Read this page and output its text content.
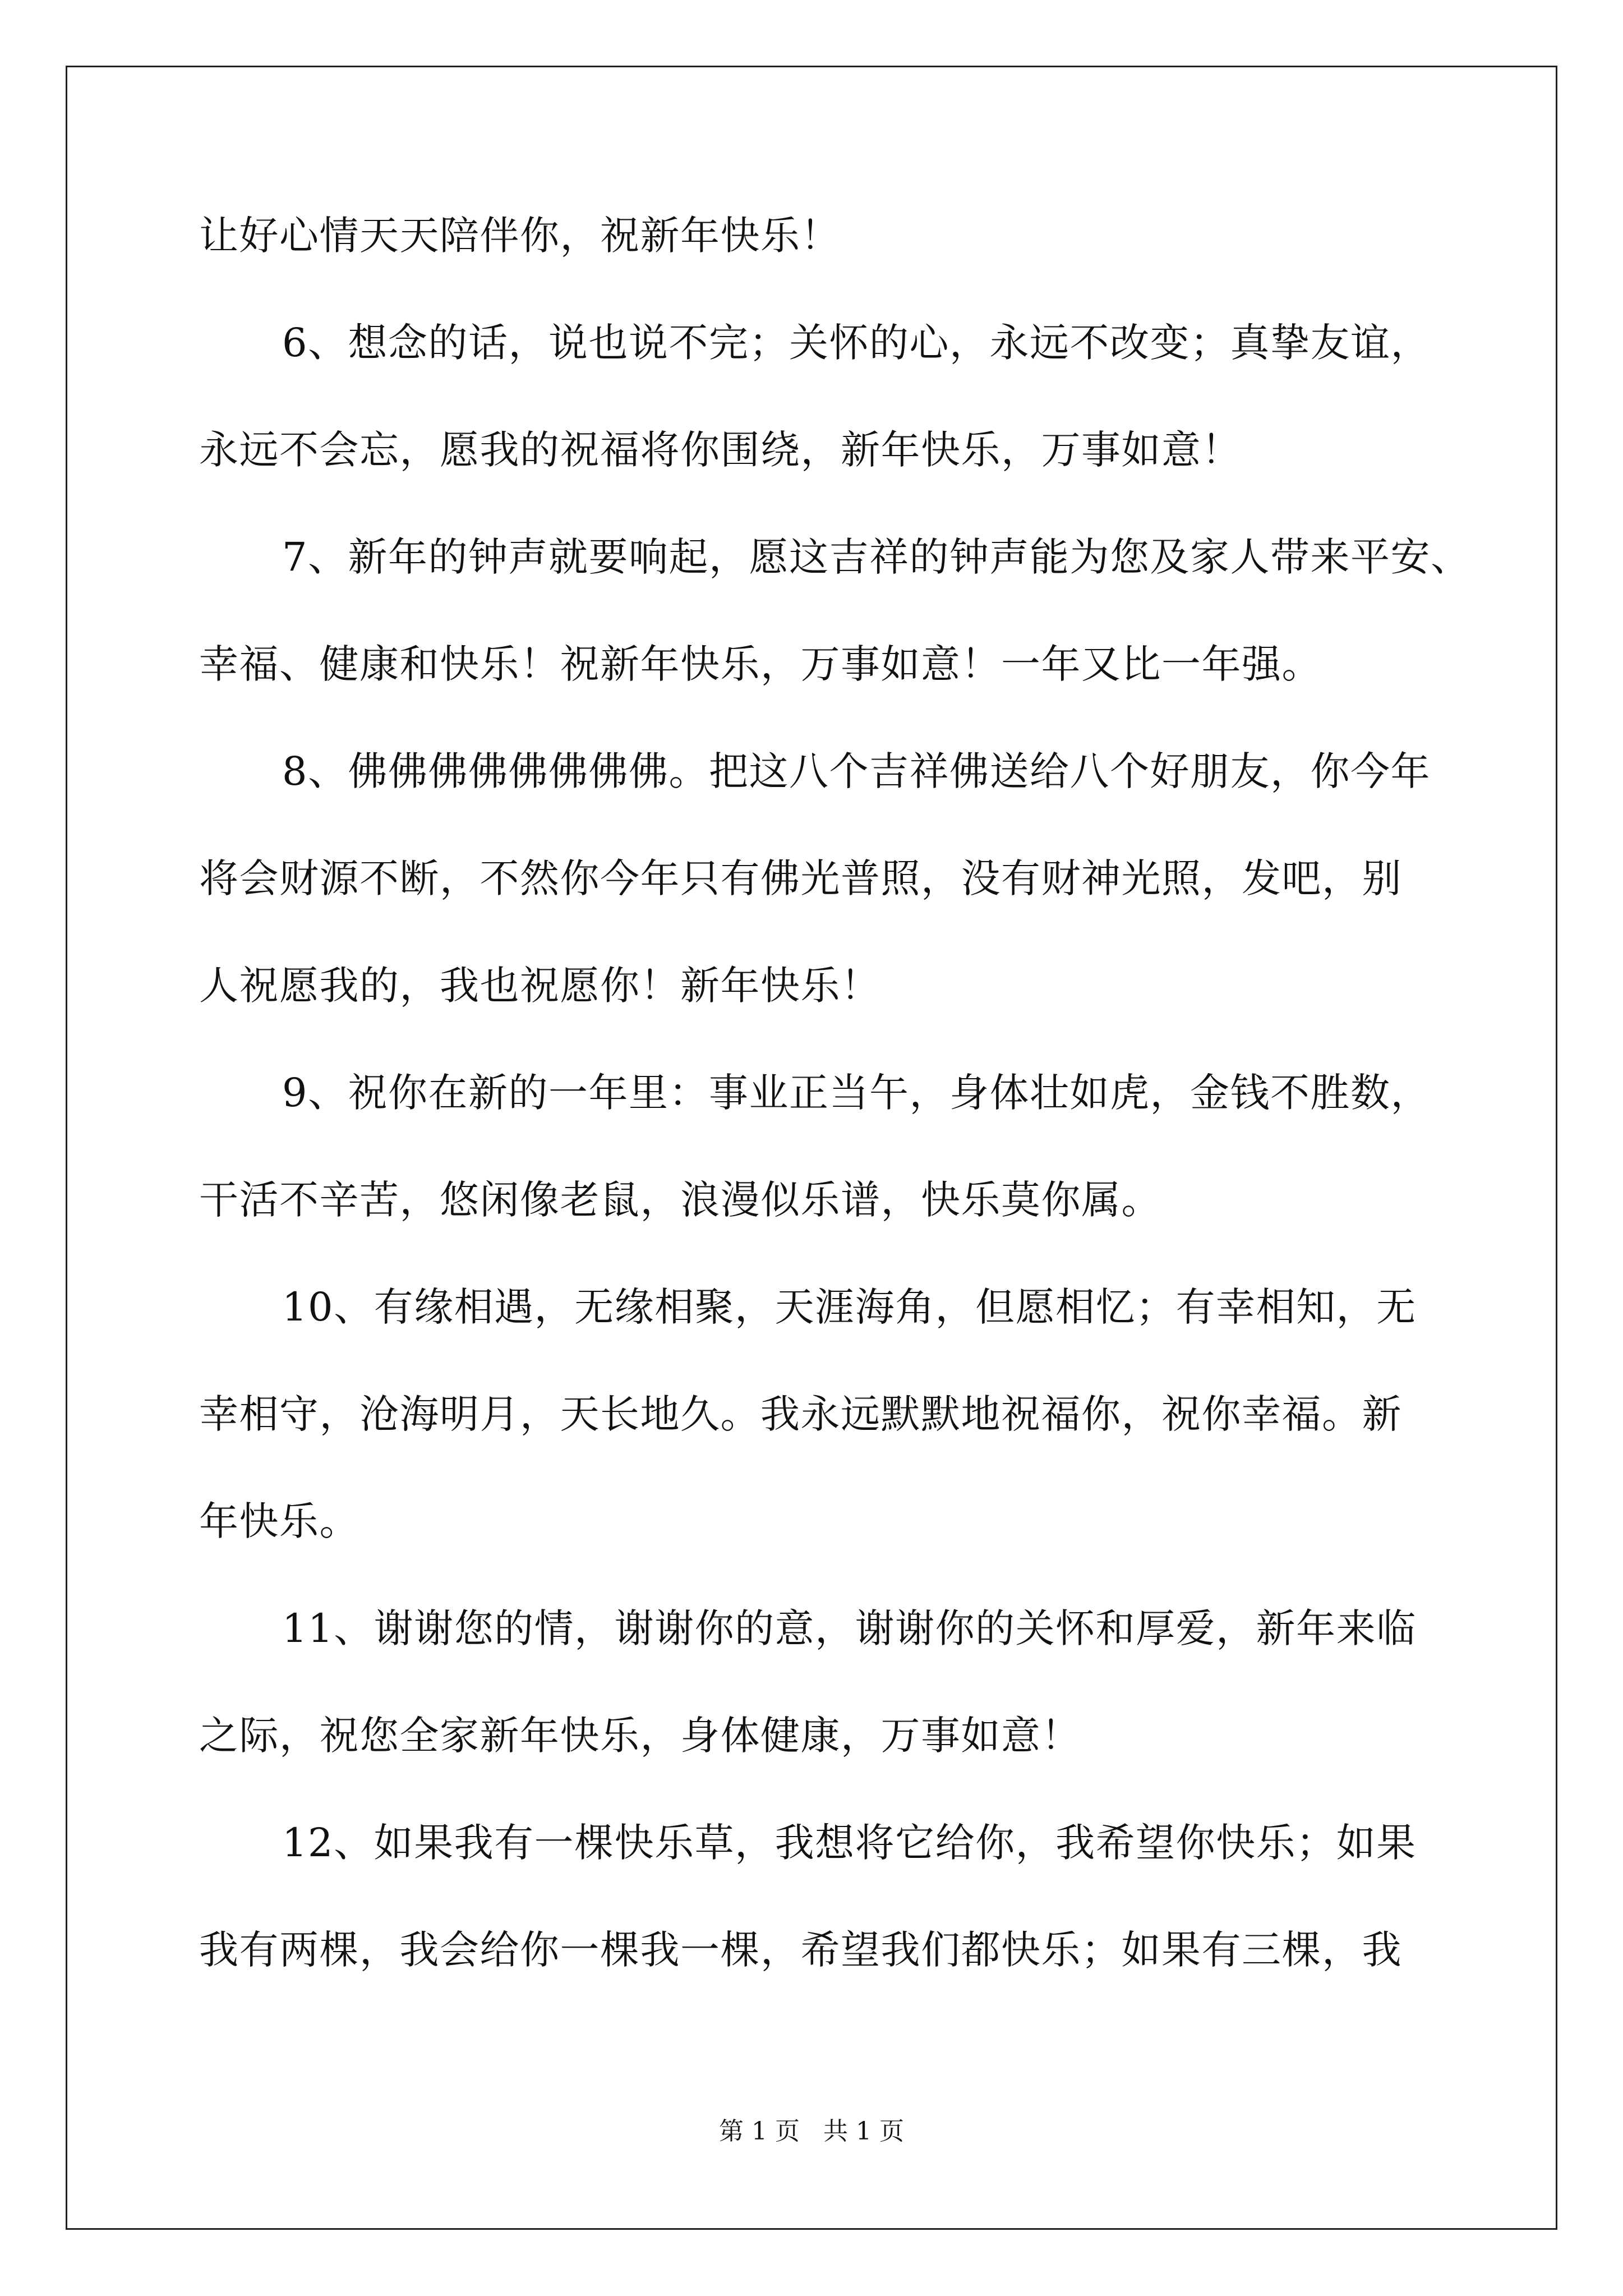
让好心情天天陪伴你，祝新年快乐！
6、想念的话，说也说不完；关怀的心，永远不改变；真挚友谊，
永远不会忘，愿我的祝福将你围绕，新年快乐，万事如意！
7、新年的钟声就要响起，愿这吉祥的钟声能为您及家人带来平安、
幸福、健康和快乐！祝新年快乐，万事如意！一年又比一年强。
8、佛佛佛佛佛佛佛佛。把这八个吉祥佛送给八个好朋友，你今年
将会财源不断，不然你今年只有佛光普照，没有财神光照，发吧，别
人祝愿我的，我也祝愿你！新年快乐！
9、祝你在新的一年里：事业正当午，身体壮如虎，金钱不胜数，
干活不辛苦，悠闲像老鼠，浪漫似乐谱，快乐莫你属。
10、有缘相遇，无缘相聚，天涯海角，但愿相忆；有幸相知，无
幸相守，沧海明月，天长地久。我永远默默地祝福你，祝你幸福。新
年快乐。
11、谢谢您的情，谢谢你的意，谢谢你的关怀和厚爱，新年来临
之际，祝您全家新年快乐，身体健康，万事如意！
12、如果我有一棵快乐草，我想将它给你，我希望你快乐；如果
我有两棵，我会给你一棵我一棵，希望我们都快乐；如果有三棵，我
第 1 页   共 1 页
